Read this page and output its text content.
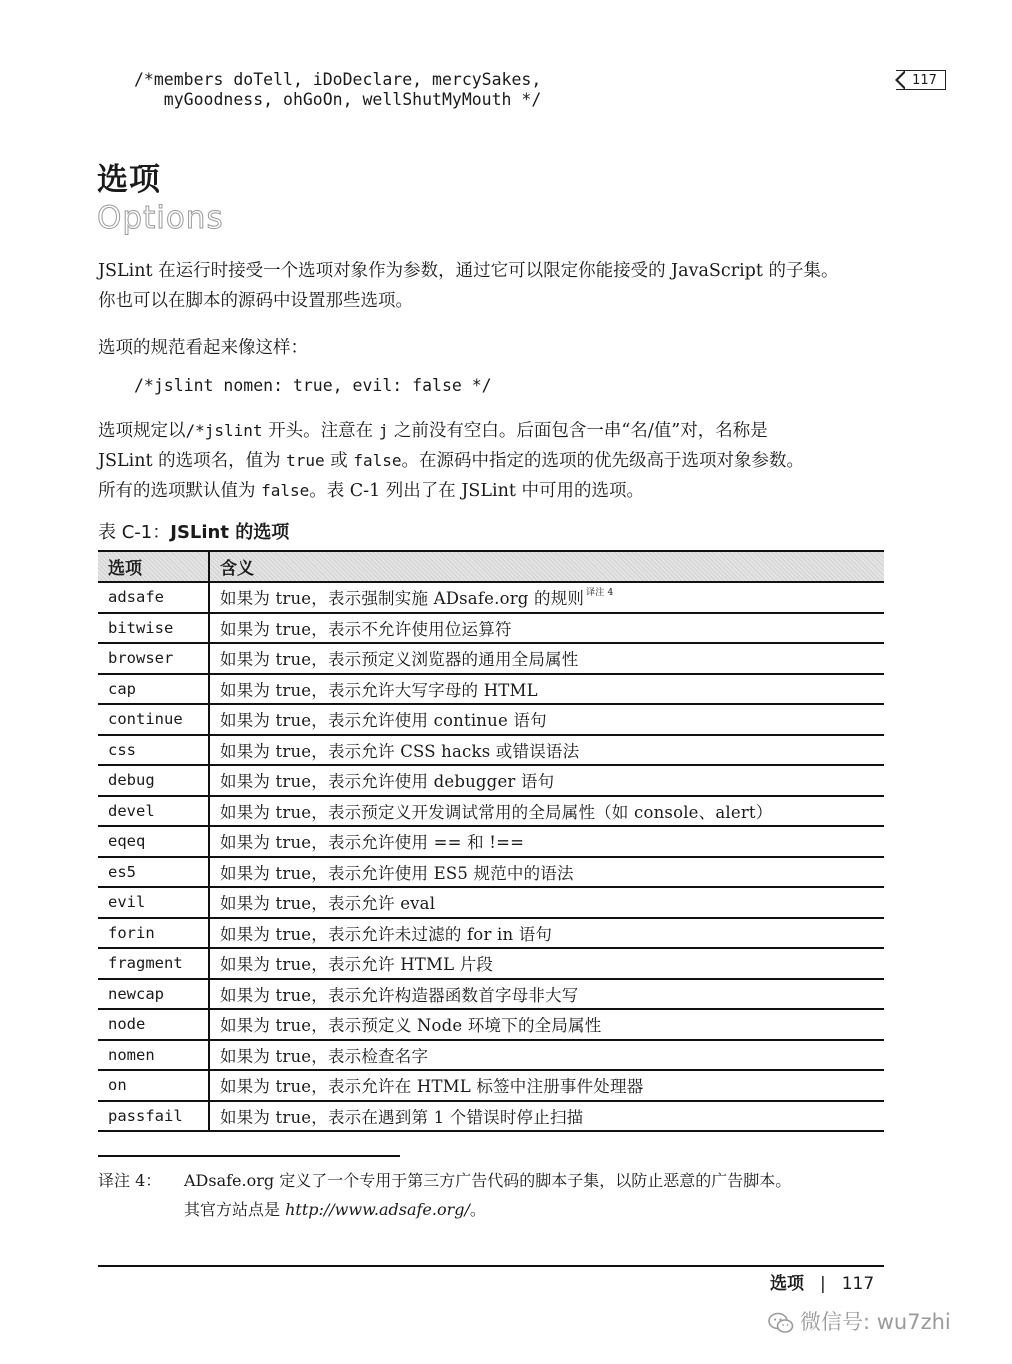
/*members doTell, iDoDeclare, mercySakes,
myGoodness, ohGoOn, wellShutMyMouth */
117
选项
Options
JSLint 在运行时接受一个选项对象作为参数，通过它可以限定你能接受的 JavaScript 的子集。
你也可以在脚本的源码中设置那些选项。
选项的规范看起来像这样：
/*jslint nomen: true, evil: false */
选项规定以/*jslint 开头。注意在 j 之前没有空白。后面包含一串“名/值”对，名称是
JSLint 的选项名，值为 true 或 false。在源码中指定的选项的优先级高于选项对象参数。
所有的选项默认值为 false。表 C-1 列出了在 JSLint 中可用的选项。
表 C-1：JSLint 的选项
选项	含义
adsafe	如果为 true，表示强制实施 ADsafe.org 的规则 $^{译注 4}$
bitwise	如果为 true，表示不允许使用位运算符
browser	如果为 true，表示预定义浏览器的通用全局属性
cap	如果为 true，表示允许大写字母的 HTML
continue	如果为 true，表示允许使用 continue 语句
css	如果为 true，表示允许 CSS hacks 或错误语法
debug	如果为 true，表示允许使用 debugger 语句
devel	如果为 true，表示预定义开发调试常用的全局属性（如 console、alert）
eqeq	如果为 true，表示允许使用 == 和 !==
es5	如果为 true，表示允许使用 ES5 规范中的语法
evil	如果为 true，表示允许 eval
forin	如果为 true，表示允许未过滤的 for in 语句
fragment	如果为 true，表示允许 HTML 片段
newcap	如果为 true，表示允许构造器函数首字母非大写
node	如果为 true，表示预定义 Node 环境下的全局属性
nomen	如果为 true，表示检查名字
on	如果为 true，表示允许在 HTML 标签中注册事件处理器
passfail	如果为 true，表示在遇到第 1 个错误时停止扫描
译注 4： ADsafe.org 定义了一个专用于第三方广告代码的脚本子集，以防止恶意的广告脚本。
其官方站点是 http://www.adsafe.org/。
选项 | 117
微信号: wu7zhi
